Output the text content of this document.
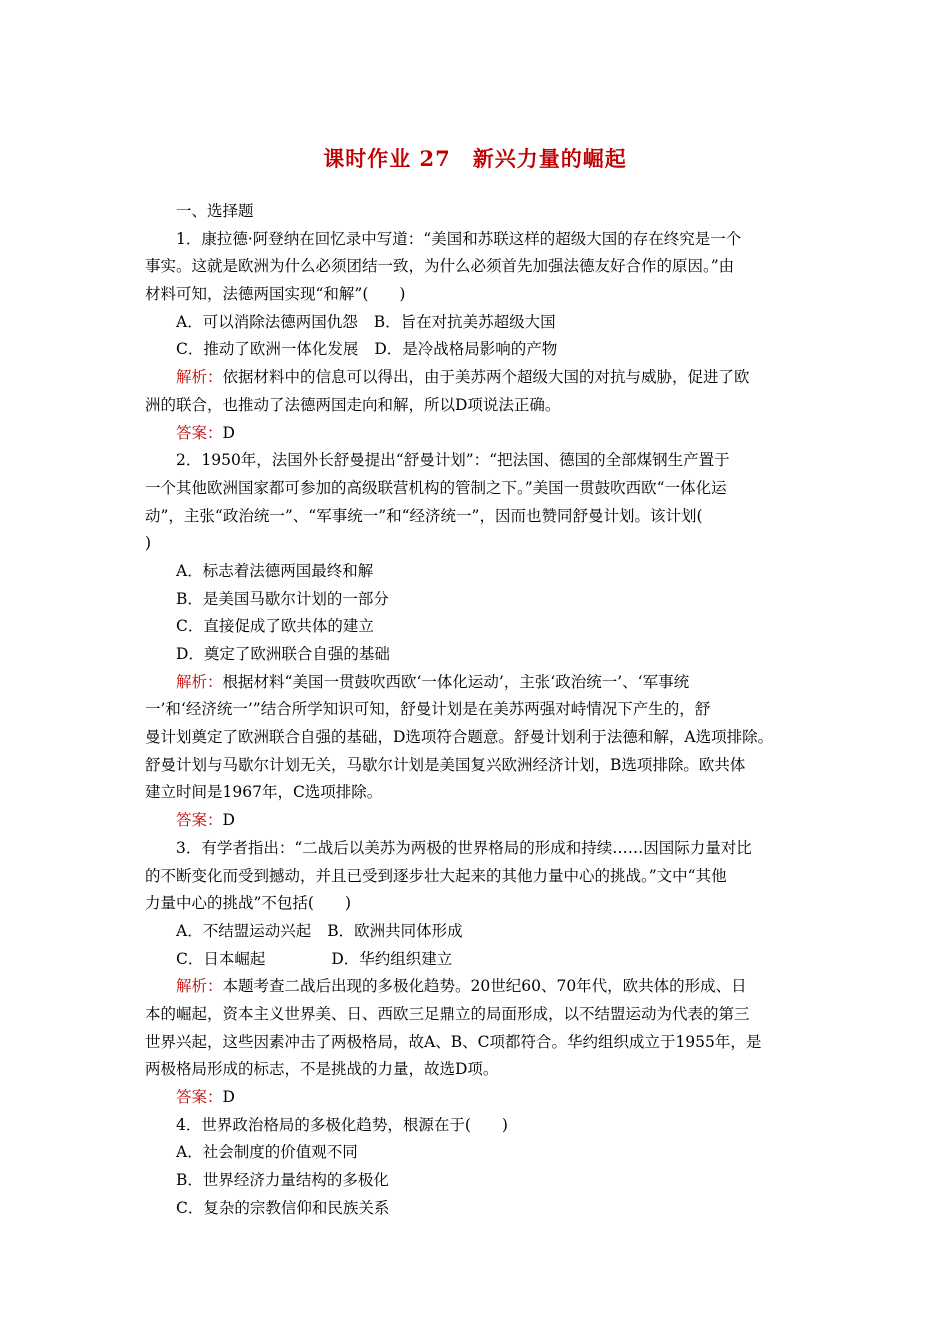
课时作业 27　新兴力量的崛起
一、选择题
1．康拉德·阿登纳在回忆录中写道：“美国和苏联这样的超级大国的存在终究是一个
事实。这就是欧洲为什么必须团结一致，为什么必须首先加强法德友好合作的原因。”由
材料可知，法德两国实现“和解”(　　)
A．可以消除法德两国仇怨 B．旨在对抗美苏超级大国
C．推动了欧洲一体化发展 D．是冷战格局影响的产物
解析：依据材料中的信息可以得出，由于美苏两个超级大国的对抗与威胁，促进了欧
洲的联合，也推动了法德两国走向和解，所以D项说法正确。
答案：D
2．1950年，法国外长舒曼提出“舒曼计划”：“把法国、德国的全部煤钢生产置于
一个其他欧洲国家都可参加的高级联营机构的管制之下。”美国一贯鼓吹西欧“一体化运
动”，主张“政治统一”、“军事统一”和“经济统一”，因而也赞同舒曼计划。该计划(
)
A．标志着法德两国最终和解
B．是美国马歇尔计划的一部分
C．直接促成了欧共体的建立
D．奠定了欧洲联合自强的基础
解析：根据材料“美国一贯鼓吹西欧‘一体化运动’，主张‘政治统一’、‘军事统
一’和‘经济统一’”结合所学知识可知，舒曼计划是在美苏两强对峙情况下产生的，舒
曼计划奠定了欧洲联合自强的基础，D选项符合题意。舒曼计划利于法德和解，A选项排除。
舒曼计划与马歇尔计划无关，马歇尔计划是美国复兴欧洲经济计划，B选项排除。欧共体
建立时间是1967年，C选项排除。
答案：D
3．有学者指出：“二战后以美苏为两极的世界格局的形成和持续……因国际力量对比
的不断变化而受到撼动，并且已受到逐步壮大起来的其他力量中心的挑战。”文中“其他
力量中心的挑战”不包括(　　)
A．不结盟运动兴起 B．欧洲共同体形成
C．日本崛起	D．华约组织建立
解析：本题考查二战后出现的多极化趋势。20世纪60、70年代，欧共体的形成、日
本的崛起，资本主义世界美、日、西欧三足鼎立的局面形成，以不结盟运动为代表的第三
世界兴起，这些因素冲击了两极格局，故A、B、C项都符合。华约组织成立于1955年，是
两极格局形成的标志，不是挑战的力量，故选D项。
答案：D
4．世界政治格局的多极化趋势，根源在于(　　)
A．社会制度的价值观不同
B．世界经济力量结构的多极化
C．复杂的宗教信仰和民族关系
